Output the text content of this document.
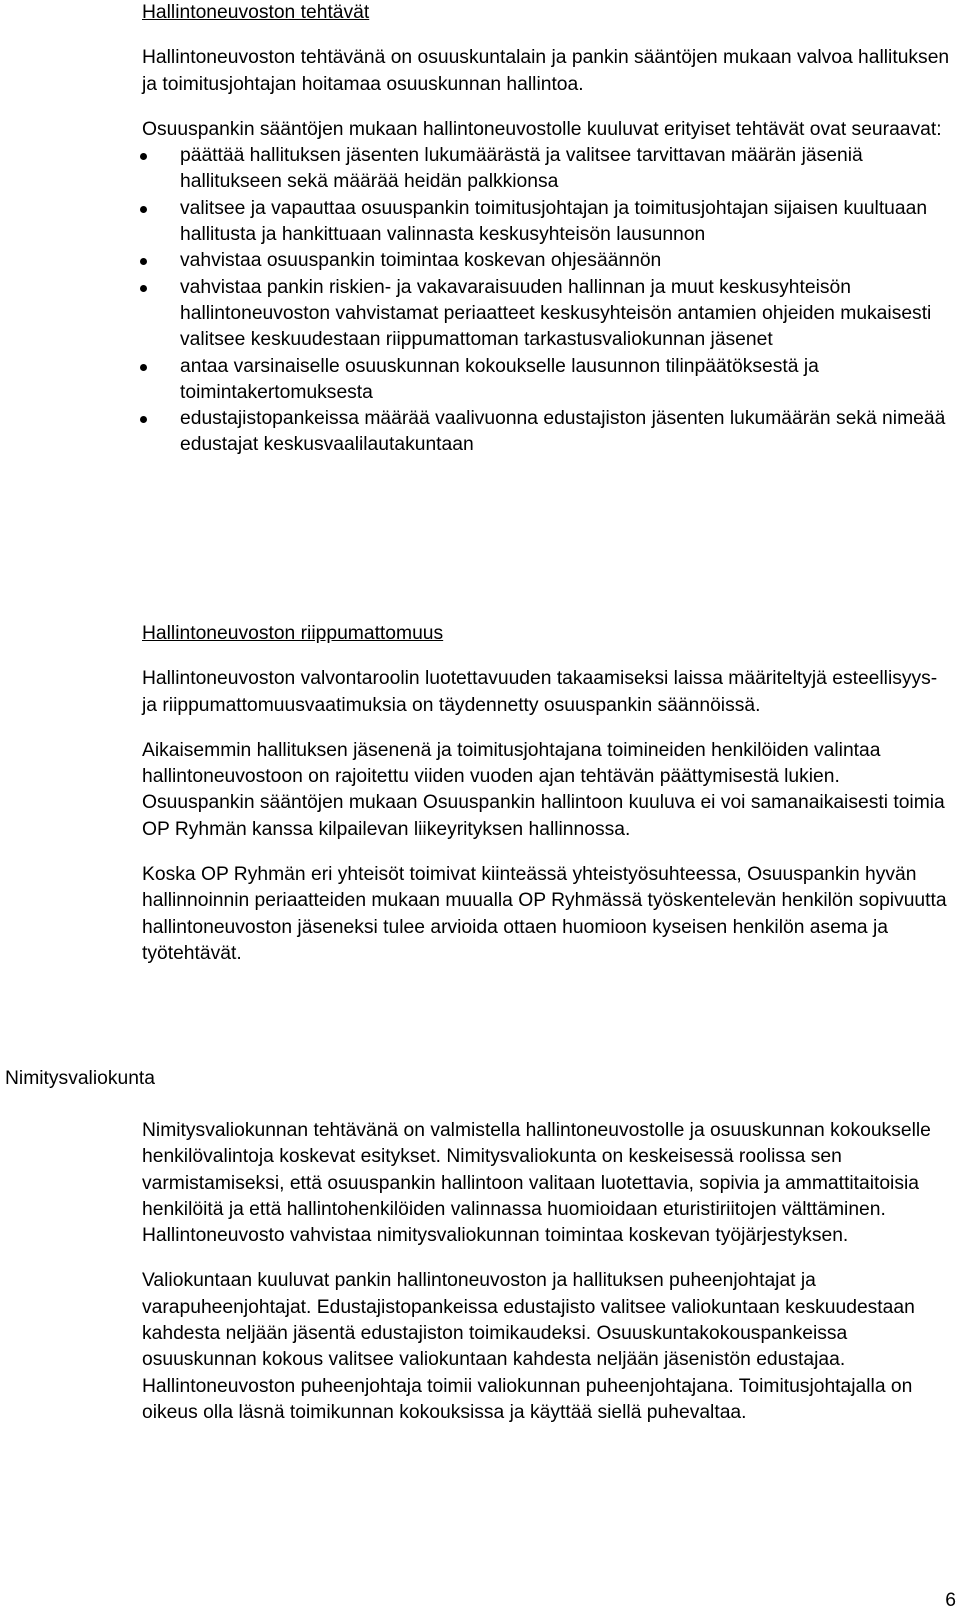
Hallintoneuvoston tehtävät

Hallintoneuvoston tehtävänä on osuuskuntalain ja pankin sääntöjen mukaan valvoa hallituksen ja toimitusjohtajan hoitamaa osuuskunnan hallintoa.

Osuuspankin sääntöjen mukaan hallintoneuvostolle kuuluvat erityiset tehtävät ovat seuraavat:

päättää hallituksen jäsenten lukumäärästä ja valitsee tarvittavan määrän jäseniä hallitukseen sekä määrää heidän palkkionsa
valitsee ja vapauttaa osuuspankin toimitusjohtajan ja toimitusjohtajan sijaisen kuultuaan hallitusta ja hankittuaan valinnasta keskusyhteisön lausunnon
vahvistaa osuuspankin toimintaa koskevan ohjesäännön
vahvistaa pankin riskien- ja vakavaraisuuden hallinnan ja muut keskusyhteisön hallintoneuvoston vahvistamat periaatteet keskusyhteisön antamien ohjeiden mukaisesti valitsee keskuudestaan riippumattoman tarkastusvaliokunnan jäsenet
antaa varsinaiselle osuuskunnan kokoukselle lausunnon tilinpäätöksestä ja toimintakertomuksesta
edustajistopankeissa määrää vaalivuonna edustajiston jäsenten lukumäärän sekä nimeää edustajat keskusvaalilautakuntaan

Hallintoneuvoston riippumattomuus

Hallintoneuvoston valvontaroolin luotettavuuden takaamiseksi laissa määriteltyjä esteellisyys- ja riippumattomuusvaatimuksia on täydennetty osuuspankin säännöissä.

Aikaisemmin hallituksen jäsenenä ja toimitusjohtajana toimineiden henkilöiden valintaa hallintoneuvostoon on rajoitettu viiden vuoden ajan tehtävän päättymisestä lukien. Osuuspankin sääntöjen mukaan Osuuspankin hallintoon kuuluva ei voi samanaikaisesti toimia OP Ryhmän kanssa kilpailevan liikeyrityksen hallinnossa.

Koska OP Ryhmän eri yhteisöt toimivat kiinteässä yhteistyösuhteessa, Osuuspankin hyvän hallinnoinnin periaatteiden mukaan muualla OP Ryhmässä työskentelevän henkilön sopivuutta hallintoneuvoston jäseneksi tulee arvioida ottaen huomioon kyseisen henkilön asema ja työtehtävät.

Nimitysvaliokunta

Nimitysvaliokunnan tehtävänä on valmistella hallintoneuvostolle ja osuuskunnan kokoukselle henkilövalintoja koskevat esitykset. Nimitysvaliokunta on keskeisessä roolissa sen varmistamiseksi, että osuuspankin hallintoon valitaan luotettavia, sopivia ja ammattitaitoisia henkilöitä ja että hallintohenkilöiden valinnassa huomioidaan eturistiriitojen välttäminen. Hallintoneuvosto vahvistaa nimitysvaliokunnan toimintaa koskevan työjärjestyksen.

Valiokuntaan kuuluvat pankin hallintoneuvoston ja hallituksen puheenjohtajat ja varapuheenjohtajat. Edustajistopankeissa edustajisto valitsee valiokuntaan keskuudestaan kahdesta neljään jäsentä edustajiston toimikaudeksi. Osuuskuntakokouspankeissa osuuskunnan kokous valitsee valiokuntaan kahdesta neljään jäsenistön edustajaa. Hallintoneuvoston puheenjohtaja toimii valiokunnan puheenjohtajana. Toimitusjohtajalla on oikeus olla läsnä toimikunnan kokouksissa ja käyttää siellä puhevaltaa.

6
